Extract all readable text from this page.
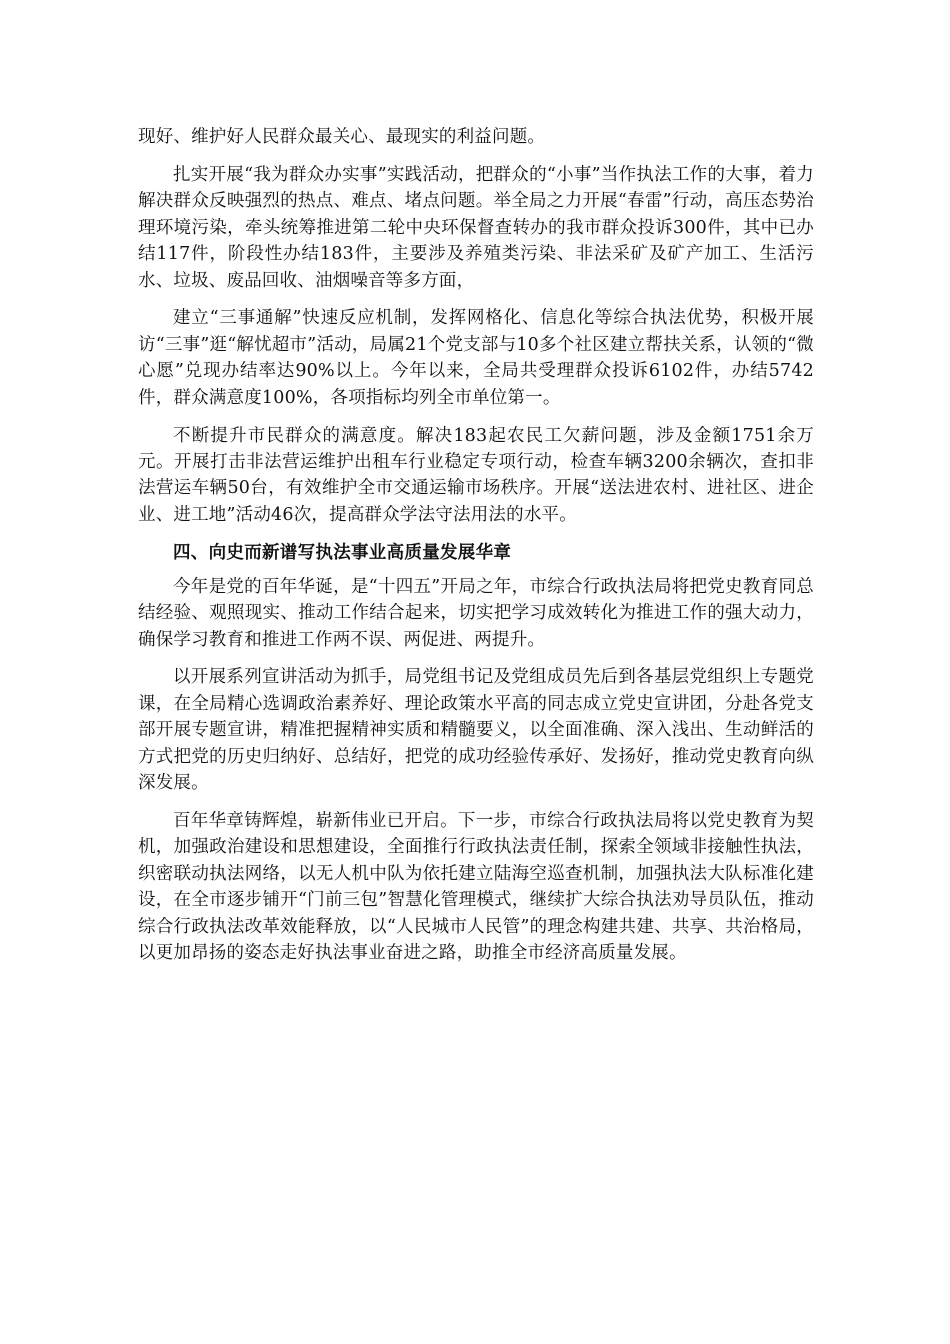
现好、维护好人民群众最关心、最现实的利益问题。

扎实开展“我为群众办实事”实践活动，把群众的“小事”当作执法工作的大事，着力解决群众反映强烈的热点、难点、堵点问题。举全局之力开展“春雷”行动，高压态势治理环境污染，牵头统筹推进第二轮中央环保督查转办的我市群众投诉300件，其中已办结117件，阶段性办结183件，主要涉及养殖类污染、非法采矿及矿产加工、生活污水、垃圾、废品回收、油烟噪音等多方面，

建立“三事通解”快速反应机制，发挥网格化、信息化等综合执法优势，积极开展访“三事”逛“解忧超市”活动，局属21个党支部与10多个社区建立帮扶关系，认领的“微心愿”兑现办结率达90%以上。今年以来，全局共受理群众投诉6102件，办结5742件，群众满意度100%，各项指标均列全市单位第一。

不断提升市民群众的满意度。解决183起农民工欠薪问题，涉及金额1751余万元。开展打击非法营运维护出租车行业稳定专项行动，检查车辆3200余辆次，查扣非法营运车辆50台，有效维护全市交通运输市场秩序。开展“送法进农村、进社区、进企业、进工地”活动46次，提高群众学法守法用法的水平。

四、向史而新谱写执法事业高质量发展华章

今年是党的百年华诞，是“十四五”开局之年，市综合行政执法局将把党史教育同总结经验、观照现实、推动工作结合起来，切实把学习成效转化为推进工作的强大动力，确保学习教育和推进工作两不误、两促进、两提升。

以开展系列宣讲活动为抓手，局党组书记及党组成员先后到各基层党组织上专题党课，在全局精心选调政治素养好、理论政策水平高的同志成立党史宣讲团，分赴各党支部开展专题宣讲，精准把握精神实质和精髓要义，以全面准确、深入浅出、生动鲜活的方式把党的历史归纳好、总结好，把党的成功经验传承好、发扬好，推动党史教育向纵深发展。

百年华章铸辉煌，崭新伟业已开启。下一步，市综合行政执法局将以党史教育为契机，加强政治建设和思想建设，全面推行行政执法责任制，探索全领域非接触性执法，织密联动执法网络，以无人机中队为依托建立陆海空巡查机制，加强执法大队标准化建设，在全市逐步铺开“门前三包”智慧化管理模式，继续扩大综合执法劝导员队伍，推动综合行政执法改革效能释放，以“人民城市人民管”的理念构建共建、共享、共治格局，以更加昂扬的姿态走好执法事业奋进之路，助推全市经济高质量发展。
